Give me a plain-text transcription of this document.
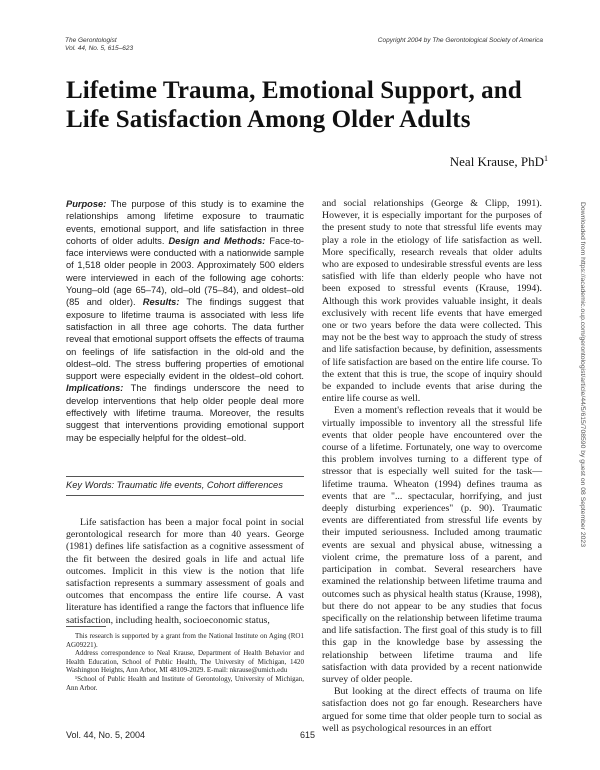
The Gerontologist
Vol. 44, No. 5, 615–623
Copyright 2004 by The Gerontological Society of America
Lifetime Trauma, Emotional Support, and Life Satisfaction Among Older Adults
Neal Krause, PhD$^1$
Purpose: The purpose of this study is to examine the relationships among lifetime exposure to traumatic events, emotional support, and life satisfaction in three cohorts of older adults. Design and Methods: Face-to-face interviews were conducted with a nationwide sample of 1,518 older people in 2003. Approximately 500 elders were interviewed in each of the following age cohorts: Young–old (age 65–74), old–old (75–84), and oldest–old (85 and older). Results: The findings suggest that exposure to lifetime trauma is associated with less life satisfaction in all three age cohorts. The data further reveal that emotional support offsets the effects of trauma on feelings of life satisfaction in the old-old and the oldest–old. The stress buffering properties of emotional support were especially evident in the oldest–old cohort. Implications: The findings underscore the need to develop interventions that help older people deal more effectively with lifetime trauma. Moreover, the results suggest that interventions providing emotional support may be especially helpful for the oldest–old.
Key Words: Traumatic life events, Cohort differences
Life satisfaction has been a major focal point in social gerontological research for more than 40 years. George (1981) defines life satisfaction as a cognitive assessment of the fit between the desired goals in life and actual life outcomes. Implicit in this view is the notion that life satisfaction represents a summary assessment of goals and outcomes that encompass the entire life course. A vast literature has identified a range the factors that influence life satisfaction, including health, socioeconomic status,

This research is supported by a grant from the National Institute on Aging (RO1 AG09221).

Address correspondence to Neal Krause, Department of Health Behavior and Health Education, School of Public Health, The University of Michigan, 1420 Washington Heights, Ann Arbor, MI 48109-2029. E-mail: nkrause@umich.edu

¹School of Public Health and Institute of Gerontology, University of Michigan, Ann Arbor.

and social relationships (George & Clipp, 1991). However, it is especially important for the purposes of the present study to note that stressful life events may play a role in the etiology of life satisfaction as well. More specifically, research reveals that older adults who are exposed to undesirable stressful events are less satisfied with life than elderly people who have not been exposed to stressful events (Krause, 1994). Although this work provides valuable insight, it deals exclusively with recent life events that have emerged one or two years before the data were collected. This may not be the best way to approach the study of stress and life satisfaction because, by definition, assessments of life satisfaction are based on the entire life course. To the extent that this is true, the scope of inquiry should be expanded to include events that arise during the entire life course as well.

Even a moment's reflection reveals that it would be virtually impossible to inventory all the stressful life events that older people have encountered over the course of a lifetime. Fortunately, one way to overcome this problem involves turning to a different type of stressor that is especially well suited for the task—lifetime trauma. Wheaton (1994) defines trauma as events that are "... spectacular, horrifying, and just deeply disturbing experiences" (p. 90). Traumatic events are differentiated from stressful life events by their imputed seriousness. Included among traumatic events are sexual and physical abuse, witnessing a violent crime, the premature loss of a parent, and participation in combat. Several researchers have examined the relationship between lifetime trauma and outcomes such as physical health status (Krause, 1998), but there do not appear to be any studies that focus specifically on the relationship between lifetime trauma and life satisfaction. The first goal of this study is to fill this gap in the knowledge base by assessing the relationship between lifetime trauma and life satisfaction with data provided by a recent nationwide survey of older people.

But looking at the direct effects of trauma on life satisfaction does not go far enough. Researchers have argued for some time that older people turn to social as well as psychological resources in an effort

Vol. 44, No. 5, 2004	615
Downloaded from https://academic.oup.com/gerontologist/article/44/5/615/708590 by guest on 08 September 2023
